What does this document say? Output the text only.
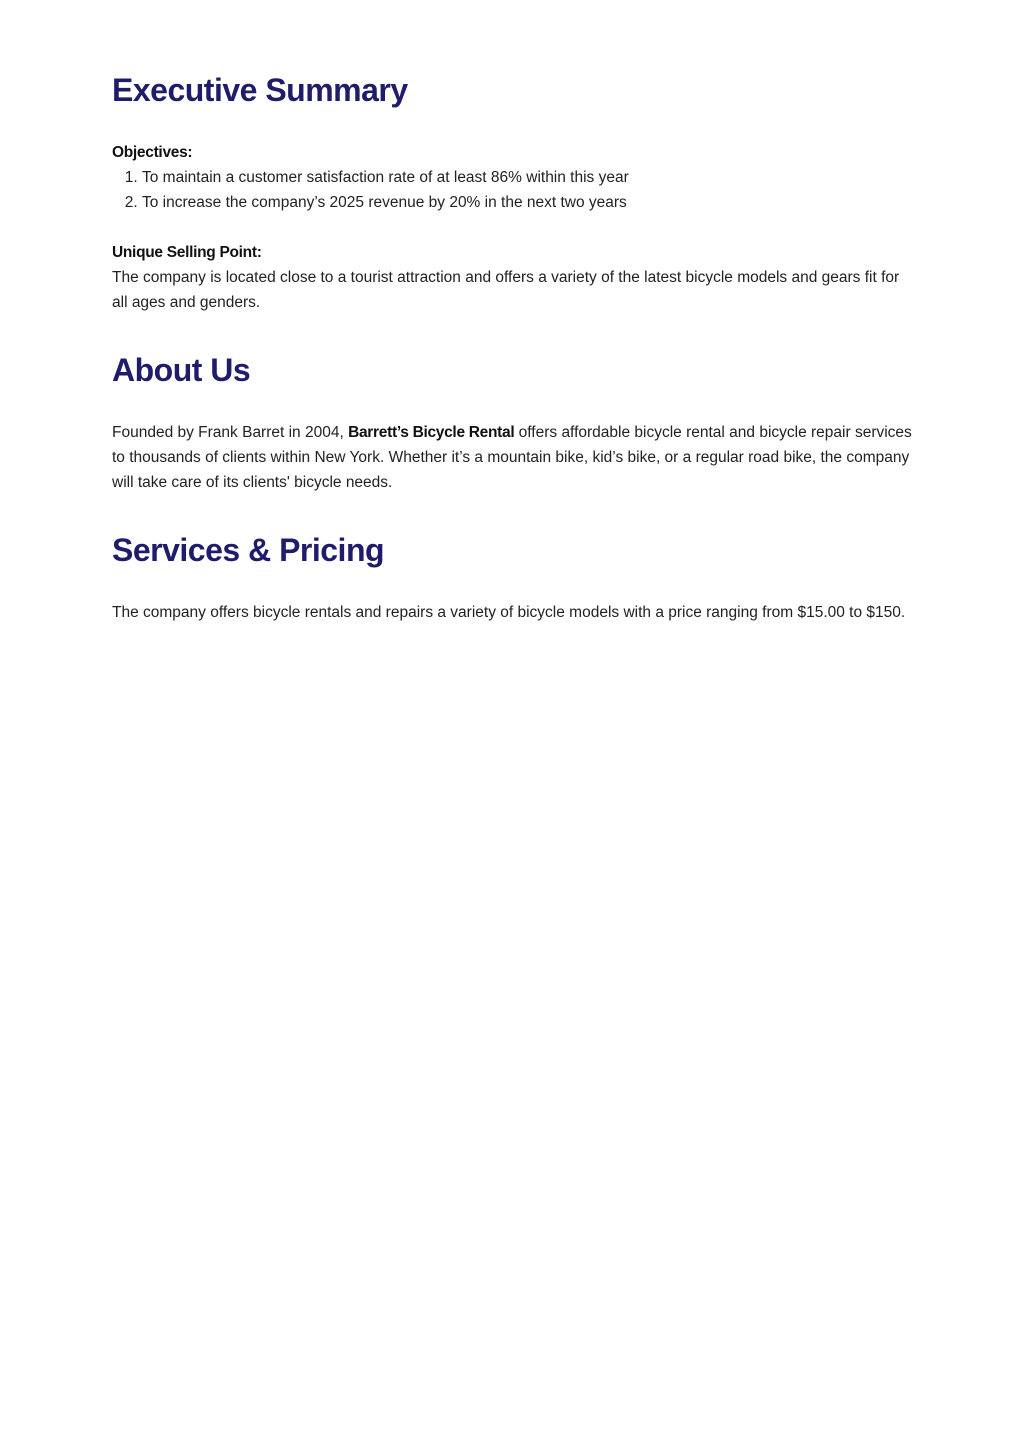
Executive Summary
Objectives:
1. To maintain a customer satisfaction rate of at least 86% within this year
2. To increase the company’s 2025 revenue by 20% in the next two years
Unique Selling Point:

The company is located close to a tourist attraction and offers a variety of the latest bicycle models and gears fit for all ages and genders.

About Us

Founded by Frank Barret in 2004, Barrett’s Bicycle Rental offers affordable bicycle rental and bicycle repair services to thousands of clients within New York. Whether it’s a mountain bike, kid’s bike, or a regular road bike, the company will take care of its clients' bicycle needs.

Services & Pricing

The company offers bicycle rentals and repairs a variety of bicycle models with a price ranging from $15.00 to $150.
